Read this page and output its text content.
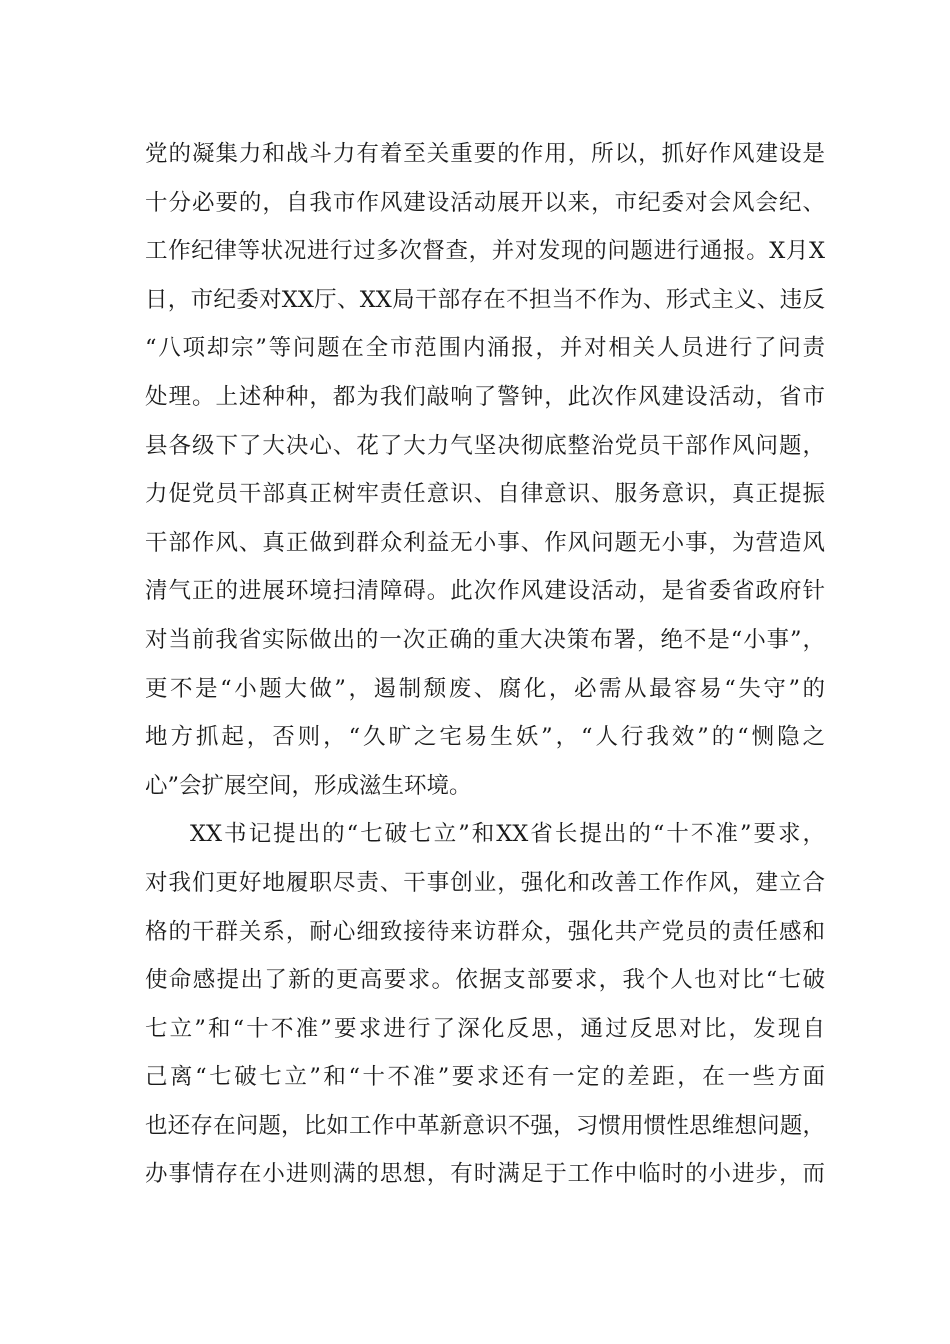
党的凝集力和战斗力有着至关重要的作用，所以，抓好作风建设是
十分必要的，自我市作风建设活动展开以来，市纪委对会风会纪、
工作纪律等状况进行过多次督查，并对发现的问题进行通报。X月X
日，市纪委对XX厅、XX局干部存在不担当不作为、形式主义、违反
“八项却宗”等问题在全市范围内涌报，并对相关人员进行了问责
处理。上述种种，都为我们敲响了警钟，此次作风建设活动，省市
县各级下了大决心、花了大力气坚决彻底整治党员干部作风问题，
力促党员干部真正树牢责任意识、自律意识、服务意识，真正提振
干部作风、真正做到群众利益无小事、作风问题无小事，为营造风
清气正的进展环境扫清障碍。此次作风建设活动，是省委省政府针
对当前我省实际做出的一次正确的重大决策布署，绝不是“小事”，
更不是“小题大做”，遏制颓废、腐化，必需从最容易“失守”的
地方抓起，否则，“久旷之宅易生妖”，“人行我效”的“恻隐之
心”会扩展空间，形成滋生环境。
XX书记提出的“七破七立”和XX省长提出的“十不准”要求，
对我们更好地履职尽责、干事创业，强化和改善工作作风，建立合
格的干群关系，耐心细致接待来访群众，强化共产党员的责任感和
使命感提出了新的更高要求。依据支部要求，我个人也对比“七破
七立”和“十不准”要求进行了深化反思，通过反思对比，发现自
己离“七破七立”和“十不准”要求还有一定的差距，在一些方面
也还存在问题，比如工作中革新意识不强，习惯用惯性思维想问题，
办事情存在小进则满的思想，有时满足于工作中临时的小进步，而
